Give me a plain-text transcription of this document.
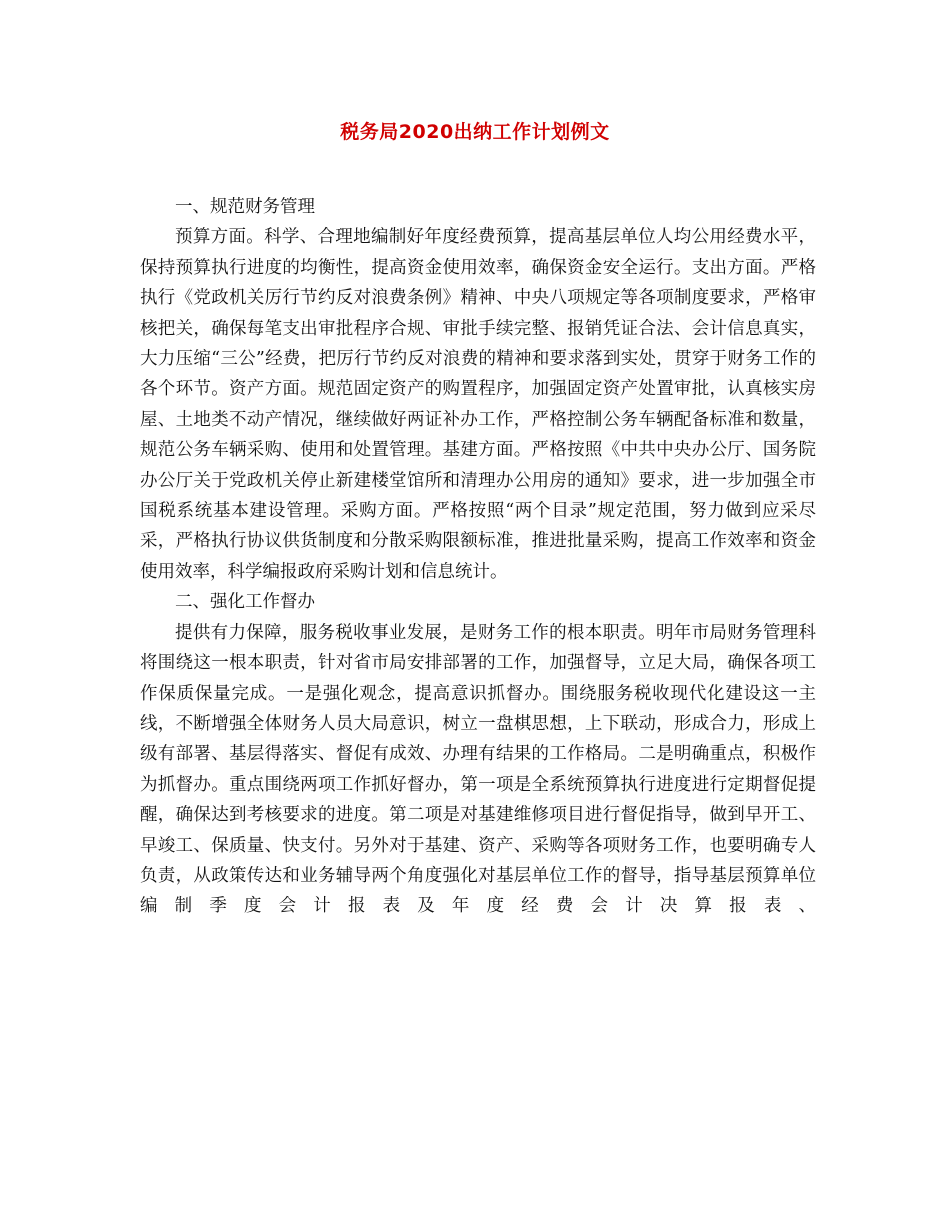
税务局2020出纳工作计划例文

一、规范财务管理

预算方面。科学、合理地编制好年度经费预算，提高基层单位人均公用经费水平，保持预算执行进度的均衡性，提高资金使用效率，确保资金安全运行。支出方面。严格执行《党政机关厉行节约反对浪费条例》精神、中央八项规定等各项制度要求，严格审核把关，确保每笔支出审批程序合规、审批手续完整、报销凭证合法、会计信息真实，大力压缩“三公”经费，把厉行节约反对浪费的精神和要求落到实处，贯穿于财务工作的各个环节。资产方面。规范固定资产的购置程序，加强固定资产处置审批，认真核实房屋、土地类不动产情况，继续做好两证补办工作，严格控制公务车辆配备标准和数量，规范公务车辆采购、使用和处置管理。基建方面。严格按照《中共中央办公厅、国务院办公厅关于党政机关停止新建楼堂馆所和清理办公用房的通知》要求，进一步加强全市国税系统基本建设管理。采购方面。严格按照“两个目录”规定范围，努力做到应采尽采，严格执行协议供货制度和分散采购限额标准，推进批量采购，提高工作效率和资金使用效率，科学编报政府采购计划和信息统计。

二、强化工作督办

提供有力保障，服务税收事业发展，是财务工作的根本职责。明年市局财务管理科将围绕这一根本职责，针对省市局安排部署的工作，加强督导，立足大局，确保各项工作保质保量完成。一是强化观念，提高意识抓督办。围绕服务税收现代化建设这一主线，不断增强全体财务人员大局意识，树立一盘棋思想，上下联动，形成合力，形成上级有部署、基层得落实、督促有成效、办理有结果的工作格局。二是明确重点，积极作为抓督办。重点围绕两项工作抓好督办，第一项是全系统预算执行进度进行定期督促提醒，确保达到考核要求的进度。第二项是对基建维修项目进行督促指导，做到早开工、早竣工、保质量、快支付。另外对于基建、资产、采购等各项财务工作，也要明确专人负责，从政策传达和业务辅导两个角度强化对基层单位工作的督导，指导基层预算单位编制季度会计报表及年度经费会计决算报表、
